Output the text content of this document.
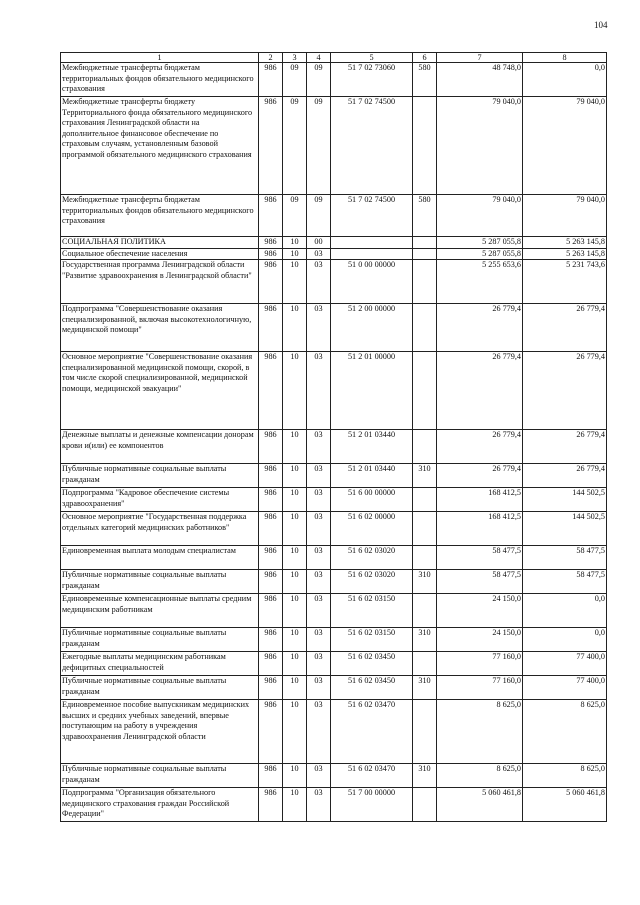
104
1	2	3	4	5	6	7	8
Межбюджетные трансферты бюджетам территориальных фондов обязательного медицинского страхования	986	09	09	51 7 02 73060	580	48 748,0	0,0
Межбюджетные трансферты бюджету Территориального фонда обязательного медицинского страхования Ленинградской области на дополнительное финансовое обеспечение по страховым случаям, установленным базовой программой обязательного медицинского страхования	986	09	09	51 7 02 74500		79 040,0	79 040,0
Межбюджетные трансферты бюджетам территориальных фондов обязательного медицинского страхования	986	09	09	51 7 02 74500	580	79 040,0	79 040,0
СОЦИАЛЬНАЯ ПОЛИТИКА	986	10	00			5 287 055,8	5 263 145,8
Социальное обеспечение населения	986	10	03			5 287 055,8	5 263 145,8
Государственная программа Ленинградской области "Развитие здравоохранения в Ленинградской области"	986	10	03	51 0 00 00000		5 255 653,6	5 231 743,6
Подпрограмма "Совершенствование оказания специализированной, включая высокотехнологичную, медицинской помощи"	986	10	03	51 2 00 00000		26 779,4	26 779,4
Основное мероприятие "Совершенствование оказания специализированной медицинской помощи, скорой, в том числе скорой специализированной, медицинской помощи, медицинской эвакуации"	986	10	03	51 2 01 00000		26 779,4	26 779,4
Денежные выплаты и денежные компенсации донорам крови и(или) ее компонентов	986	10	03	51 2 01 03440		26 779,4	26 779,4
Публичные нормативные социальные выплаты гражданам	986	10	03	51 2 01 03440	310	26 779,4	26 779,4
Подпрограмма "Кадровое обеспечение системы здравоохранения"	986	10	03	51 6 00 00000		168 412,5	144 502,5
Основное мероприятие "Государственная поддержка отдельных категорий медицинских работников"	986	10	03	51 6 02 00000		168 412,5	144 502,5
Единовременная выплата молодым специалистам	986	10	03	51 6 02 03020		58 477,5	58 477,5
Публичные нормативные социальные выплаты гражданам	986	10	03	51 6 02 03020	310	58 477,5	58 477,5
Единовременные компенсационные выплаты средним медицинским работникам	986	10	03	51 6 02 03150		24 150,0	0,0
Публичные нормативные социальные выплаты гражданам	986	10	03	51 6 02 03150	310	24 150,0	0,0
Ежегодные выплаты медицинским работникам дефицитных специальностей	986	10	03	51 6 02 03450		77 160,0	77 400,0
Публичные нормативные социальные выплаты гражданам	986	10	03	51 6 02 03450	310	77 160,0	77 400,0
Единовременное пособие выпускникам медицинских высших и средних учебных заведений, впервые поступающим на работу в учреждения здравоохранения Ленинградской области	986	10	03	51 6 02 03470		8 625,0	8 625,0
Публичные нормативные социальные выплаты гражданам	986	10	03	51 6 02 03470	310	8 625,0	8 625,0
Подпрограмма "Организация обязательного медицинского страхования граждан Российской Федерации"	986	10	03	51 7 00 00000		5 060 461,8	5 060 461,8
